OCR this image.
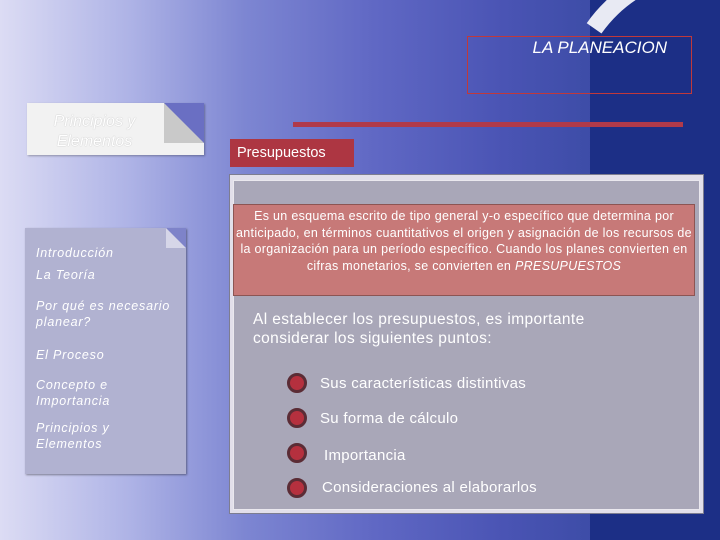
LA PLANEACION
Principios y Elementos
Introducción
La Teoría
Por qué es necesario planear?
El Proceso
Concepto e Importancia
Principios y Elementos
Presupuestos
Es un esquema escrito de tipo general y-o específico que determina por anticipado, en términos cuantitativos el origen y asignación de los recursos de la organización para un período específico. Cuando los planes convierten en cifras monetarios, se convierten en PRESUPUESTOS
Al establecer los presupuestos, es importante considerar los siguientes puntos:
Sus características distintivas
Su forma de cálculo
Importancia
Consideraciones al elaborarlos
